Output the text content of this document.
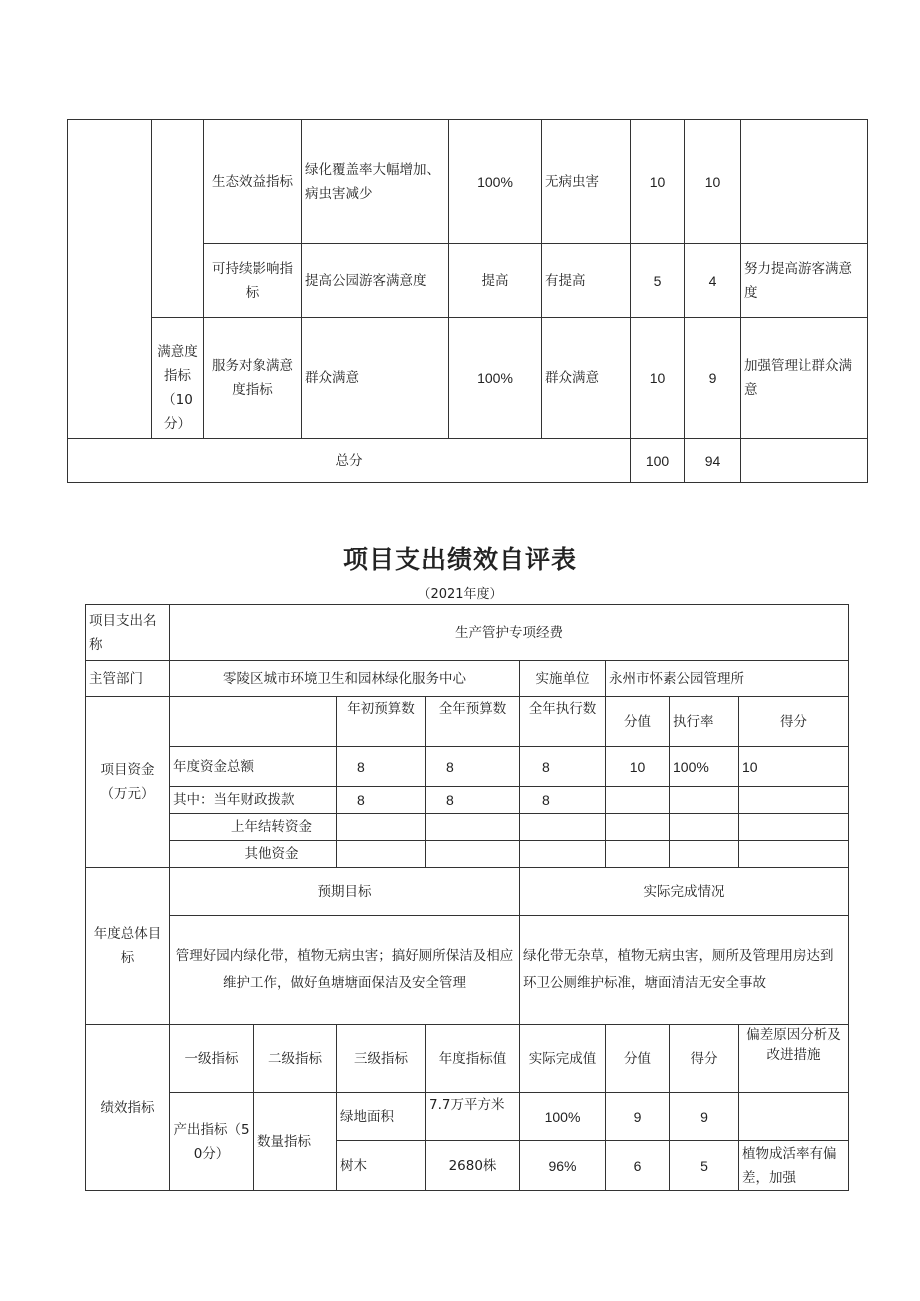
		生态效益指标	绿化覆盖率大幅增加、病虫害减少	100%	无病虫害	10	10	
		可持续影响指标	提高公园游客满意度	提高	有提高	5	4	努力提高游客满意度
	满意度指标（10分）	服务对象满意度指标	群众满意	100%	群众满意	10	9	加强管理让群众满意
总分						100	94	
项目支出绩效自评表
（2021年度）
项目支出名称	生产管护专项经费							
主管部门	零陵区城市环境卫生和园林绿化服务中心				实施单位	永州市怀素公园管理所		
项目资金（万元）			年初预算数	全年预算数	全年执行数	分值	执行率	得分
	年度资金总额		8	8	8	10	100%	10
	其中：当年财政拨款		8	8	8			
	上年结转资金							
	其他资金							
年度总体目标	预期目标				实际完成情况			
	管理好园内绿化带，植物无病虫害；搞好厕所保洁及相应维护工作，做好鱼塘塘面保洁及安全管理				绿化带无杂草，植物无病虫害，厕所及管理用房达到环卫公厕维护标准，塘面清洁无安全事故			
绩效指标	一级指标	二级指标	三级指标	年度指标值	实际完成值	分值	得分	偏差原因分析及改进措施
	产出指标（50分）	数量指标	绿地面积	7.7万平方米	100%	9	9	
			树木	2680株	96%	6	5	植物成活率有偏差，加强
